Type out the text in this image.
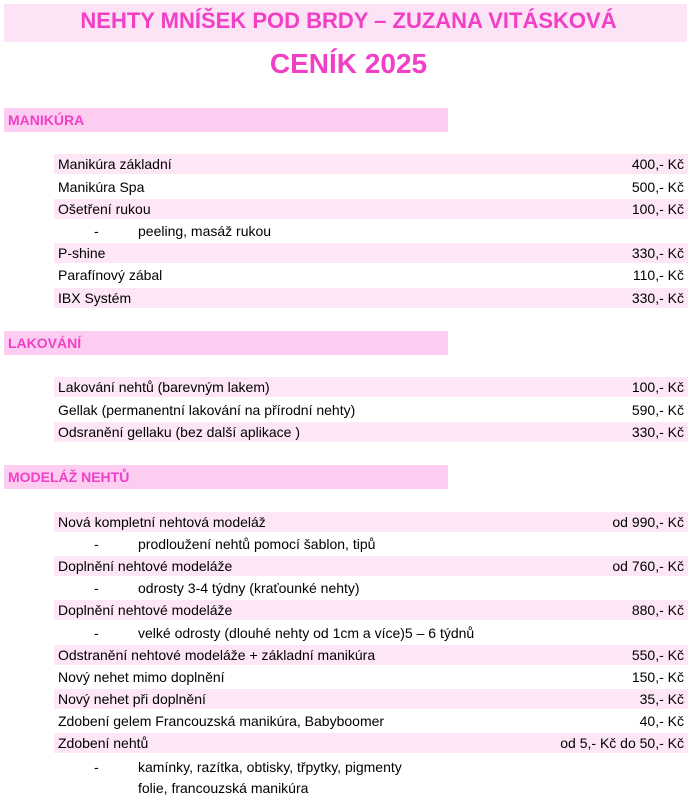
NEHTY MNÍŠEK POD BRDY – ZUZANA VITÁSKOVÁ
CENÍK 2025
MANIKÚRA
Manikúra základní	400,- Kč
Manikúra Spa	500,- Kč
Ošetření rukou	100,- Kč
-	peeling, masáž rukou
P-shine	330,- Kč
Parafínový zábal	110,- Kč
IBX Systém	330,- Kč
LAKOVÁNÍ
Lakování nehtů (barevným lakem)	100,- Kč
Gellak (permanentní lakování na přírodní nehty)	590,- Kč
Odsranění gellaku (bez další aplikace )	330,- Kč
MODELÁŽ NEHTŮ
Nová kompletní nehtová modeláž	od 990,- Kč
-	prodloužení nehtů pomocí šablon, tipů
Doplnění nehtové modeláže	od 760,- Kč
-	odrosty 3-4 týdny (kraťounké nehty)
Doplnění nehtové modeláže	880,- Kč
-	velké odrosty (dlouhé nehty od 1cm a více)5 – 6 týdnů
Odstranění nehtové modeláže + základní manikúra	550,- Kč
Nový nehet mimo doplnění	150,- Kč
Nový nehet při doplnění	35,- Kč
Zdobení gelem Francouzská manikúra, Babyboomer	40,- Kč
Zdobení nehtů	od 5,- Kč do 50,- Kč
-	kamínky, razítka, obtisky, třpytky, pigmenty
folie, francouzská manikúra
